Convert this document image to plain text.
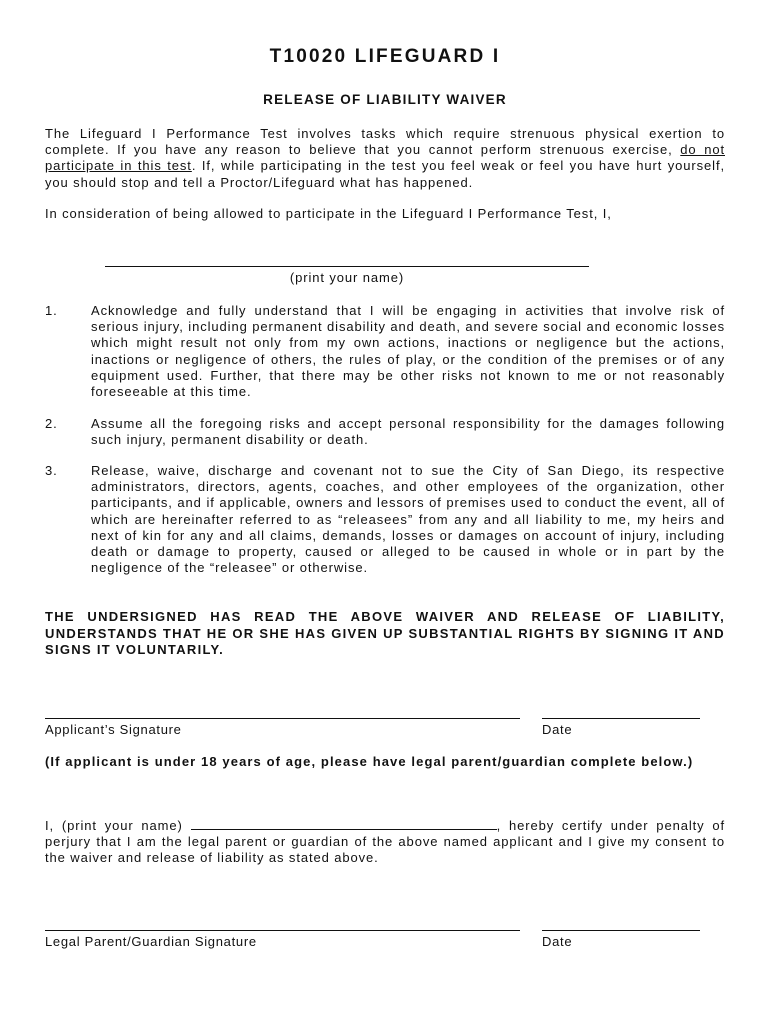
T10020 LIFEGUARD I
RELEASE OF LIABILITY WAIVER

The Lifeguard I Performance Test involves tasks which require strenuous physical exertion to complete. If you have any reason to believe that you cannot perform strenuous exercise, do not participate in this test. If, while participating in the test you feel weak or feel you have hurt yourself, you should stop and tell a Proctor/Lifeguard what has happened.

In consideration of being allowed to participate in the Lifeguard I Performance Test, I,

(print your name)
1.	Acknowledge and fully understand that I will be engaging in activities that involve risk of serious injury, including permanent disability and death, and severe social and economic losses which might result not only from my own actions, inactions or negligence but the actions, inactions or negligence of others, the rules of play, or the condition of the premises or of any equipment used. Further, that there may be other risks not known to me or not reasonably foreseeable at this time.
2.	Assume all the foregoing risks and accept personal responsibility for the damages following such injury, permanent disability or death.
3.	Release, waive, discharge and covenant not to sue the City of San Diego, its respective administrators, directors, agents, coaches, and other employees of the organization, other participants, and if applicable, owners and lessors of premises used to conduct the event, all of which are hereinafter referred to as “releasees” from any and all liability to me, my heirs and next of kin for any and all claims, demands, losses or damages on account of injury, including death or damage to property, caused or alleged to be caused in whole or in part by the negligence of the “releasee” or otherwise.

THE UNDERSIGNED HAS READ THE ABOVE WAIVER AND RELEASE OF LIABILITY, UNDERSTANDS THAT HE OR SHE HAS GIVEN UP SUBSTANTIAL RIGHTS BY SIGNING IT AND SIGNS IT VOLUNTARILY.

Applicant’s Signature	Date

(If applicant is under 18 years of age, please have legal parent/guardian complete below.)

I, (print your name)	, hereby certify under penalty of perjury that I am the legal parent or guardian of the above named applicant and I give my consent to the waiver and release of liability as stated above.

Legal Parent/Guardian Signature	Date
